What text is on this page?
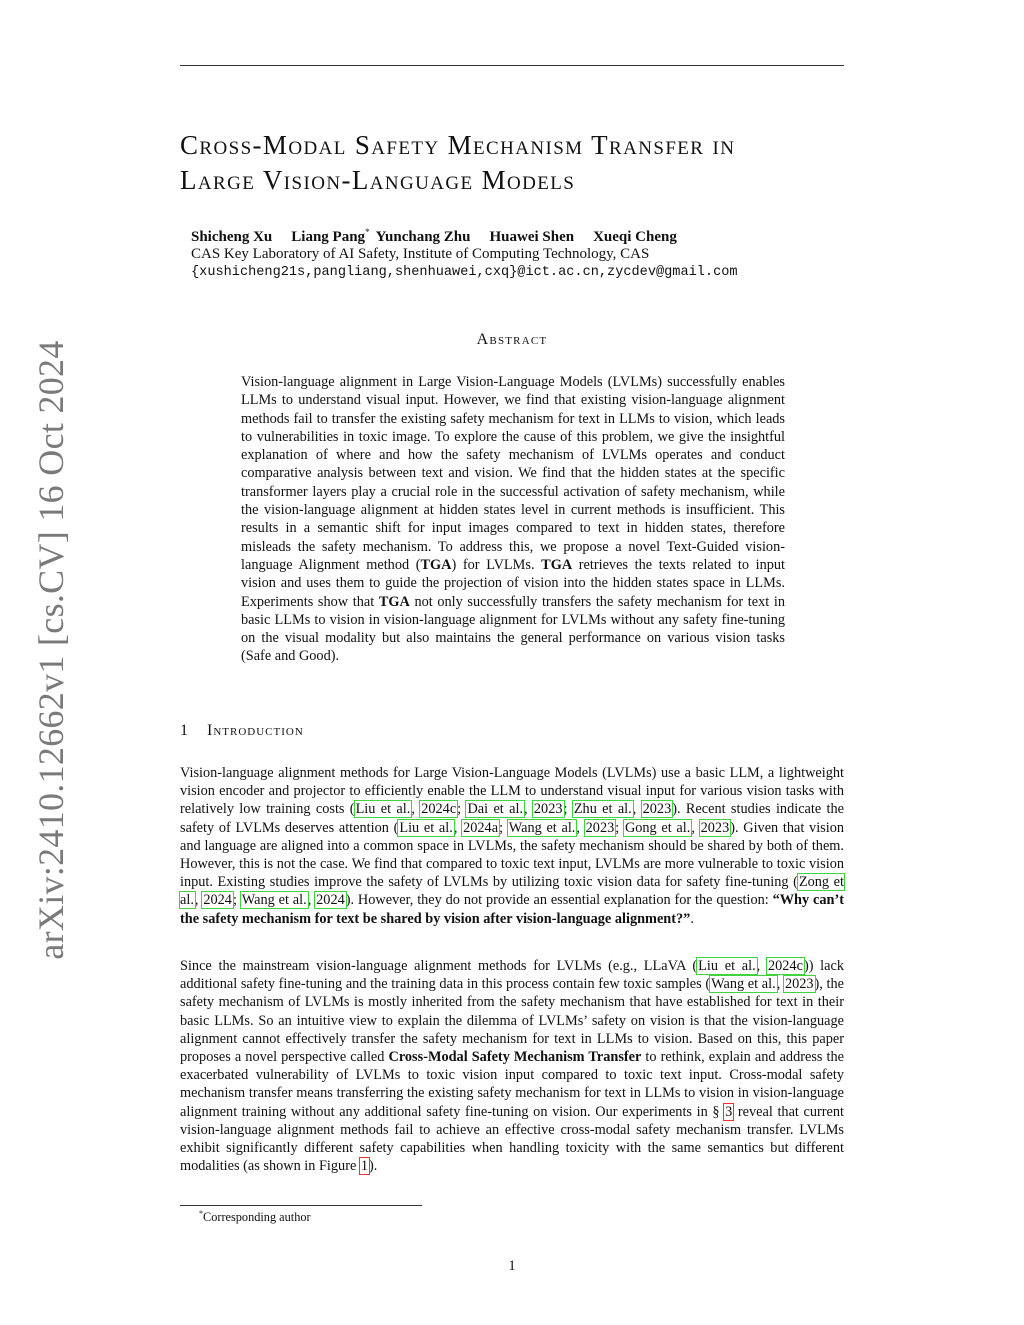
arXiv:2410.12662v1 [cs.CV] 16 Oct 2024
Cross-Modal Safety Mechanism Transfer in
Large Vision-Language Models
Shicheng Xu Liang Pang* Yunchang Zhu Huawei Shen Xueqi Cheng
CAS Key Laboratory of AI Safety, Institute of Computing Technology, CAS
{xushicheng21s,pangliang,shenhuawei,cxq}@ict.ac.cn,zycdev@gmail.com
Abstract
Vision-language alignment in Large Vision-Language Models (LVLMs) successfully enables LLMs to understand visual input. However, we find that existing vision-language alignment methods fail to transfer the existing safety mechanism for text in LLMs to vision, which leads to vulnerabilities in toxic image. To explore the cause of this problem, we give the insightful explanation of where and how the safety mechanism of LVLMs operates and conduct comparative analysis between text and vision. We find that the hidden states at the specific transformer layers play a crucial role in the successful activation of safety mechanism, while the vision-language alignment at hidden states level in current methods is insufficient. This results in a semantic shift for input images compared to text in hidden states, therefore misleads the safety mechanism. To address this, we propose a novel Text-Guided vision-language Alignment method (TGA) for LVLMs. TGA retrieves the texts related to input vision and uses them to guide the projection of vision into the hidden states space in LLMs. Experiments show that TGA not only successfully transfers the safety mechanism for text in basic LLMs to vision in vision-language alignment for LVLMs without any safety fine-tuning on the visual modality but also maintains the general performance on various vision tasks (Safe and Good).
1 Introduction
Vision-language alignment methods for Large Vision-Language Models (LVLMs) use a basic LLM, a lightweight vision encoder and projector to efficiently enable the LLM to understand visual input for various vision tasks with relatively low training costs (Liu et al., 2024c; Dai et al., 2023; Zhu et al., 2023). Recent studies indicate the safety of LVLMs deserves attention (Liu et al., 2024a; Wang et al., 2023; Gong et al., 2023). Given that vision and language are aligned into a common space in LVLMs, the safety mechanism should be shared by both of them. However, this is not the case. We find that compared to toxic text input, LVLMs are more vulnerable to toxic vision input. Existing studies improve the safety of LVLMs by utilizing toxic vision data for safety fine-tuning (Zong et al., 2024; Wang et al., 2024). However, they do not provide an essential explanation for the question: “Why can’t the safety mechanism for text be shared by vision after vision-language alignment?”.
Since the mainstream vision-language alignment methods for LVLMs (e.g., LLaVA (Liu et al., 2024c)) lack additional safety fine-tuning and the training data in this process contain few toxic samples (Wang et al., 2023), the safety mechanism of LVLMs is mostly inherited from the safety mechanism that have established for text in their basic LLMs. So an intuitive view to explain the dilemma of LVLMs’ safety on vision is that the vision-language alignment cannot effectively transfer the safety mechanism for text in LLMs to vision. Based on this, this paper proposes a novel perspective called Cross-Modal Safety Mechanism Transfer to rethink, explain and address the exacerbated vulnerability of LVLMs to toxic vision input compared to toxic text input. Cross-modal safety mechanism transfer means transferring the existing safety mechanism for text in LLMs to vision in vision-language alignment training without any additional safety fine-tuning on vision. Our experiments in § 3 reveal that current vision-language alignment methods fail to achieve an effective cross-modal safety mechanism transfer. LVLMs exhibit significantly different safety capabilities when handling toxicity with the same semantics but different modalities (as shown in Figure 1).
*Corresponding author
1
